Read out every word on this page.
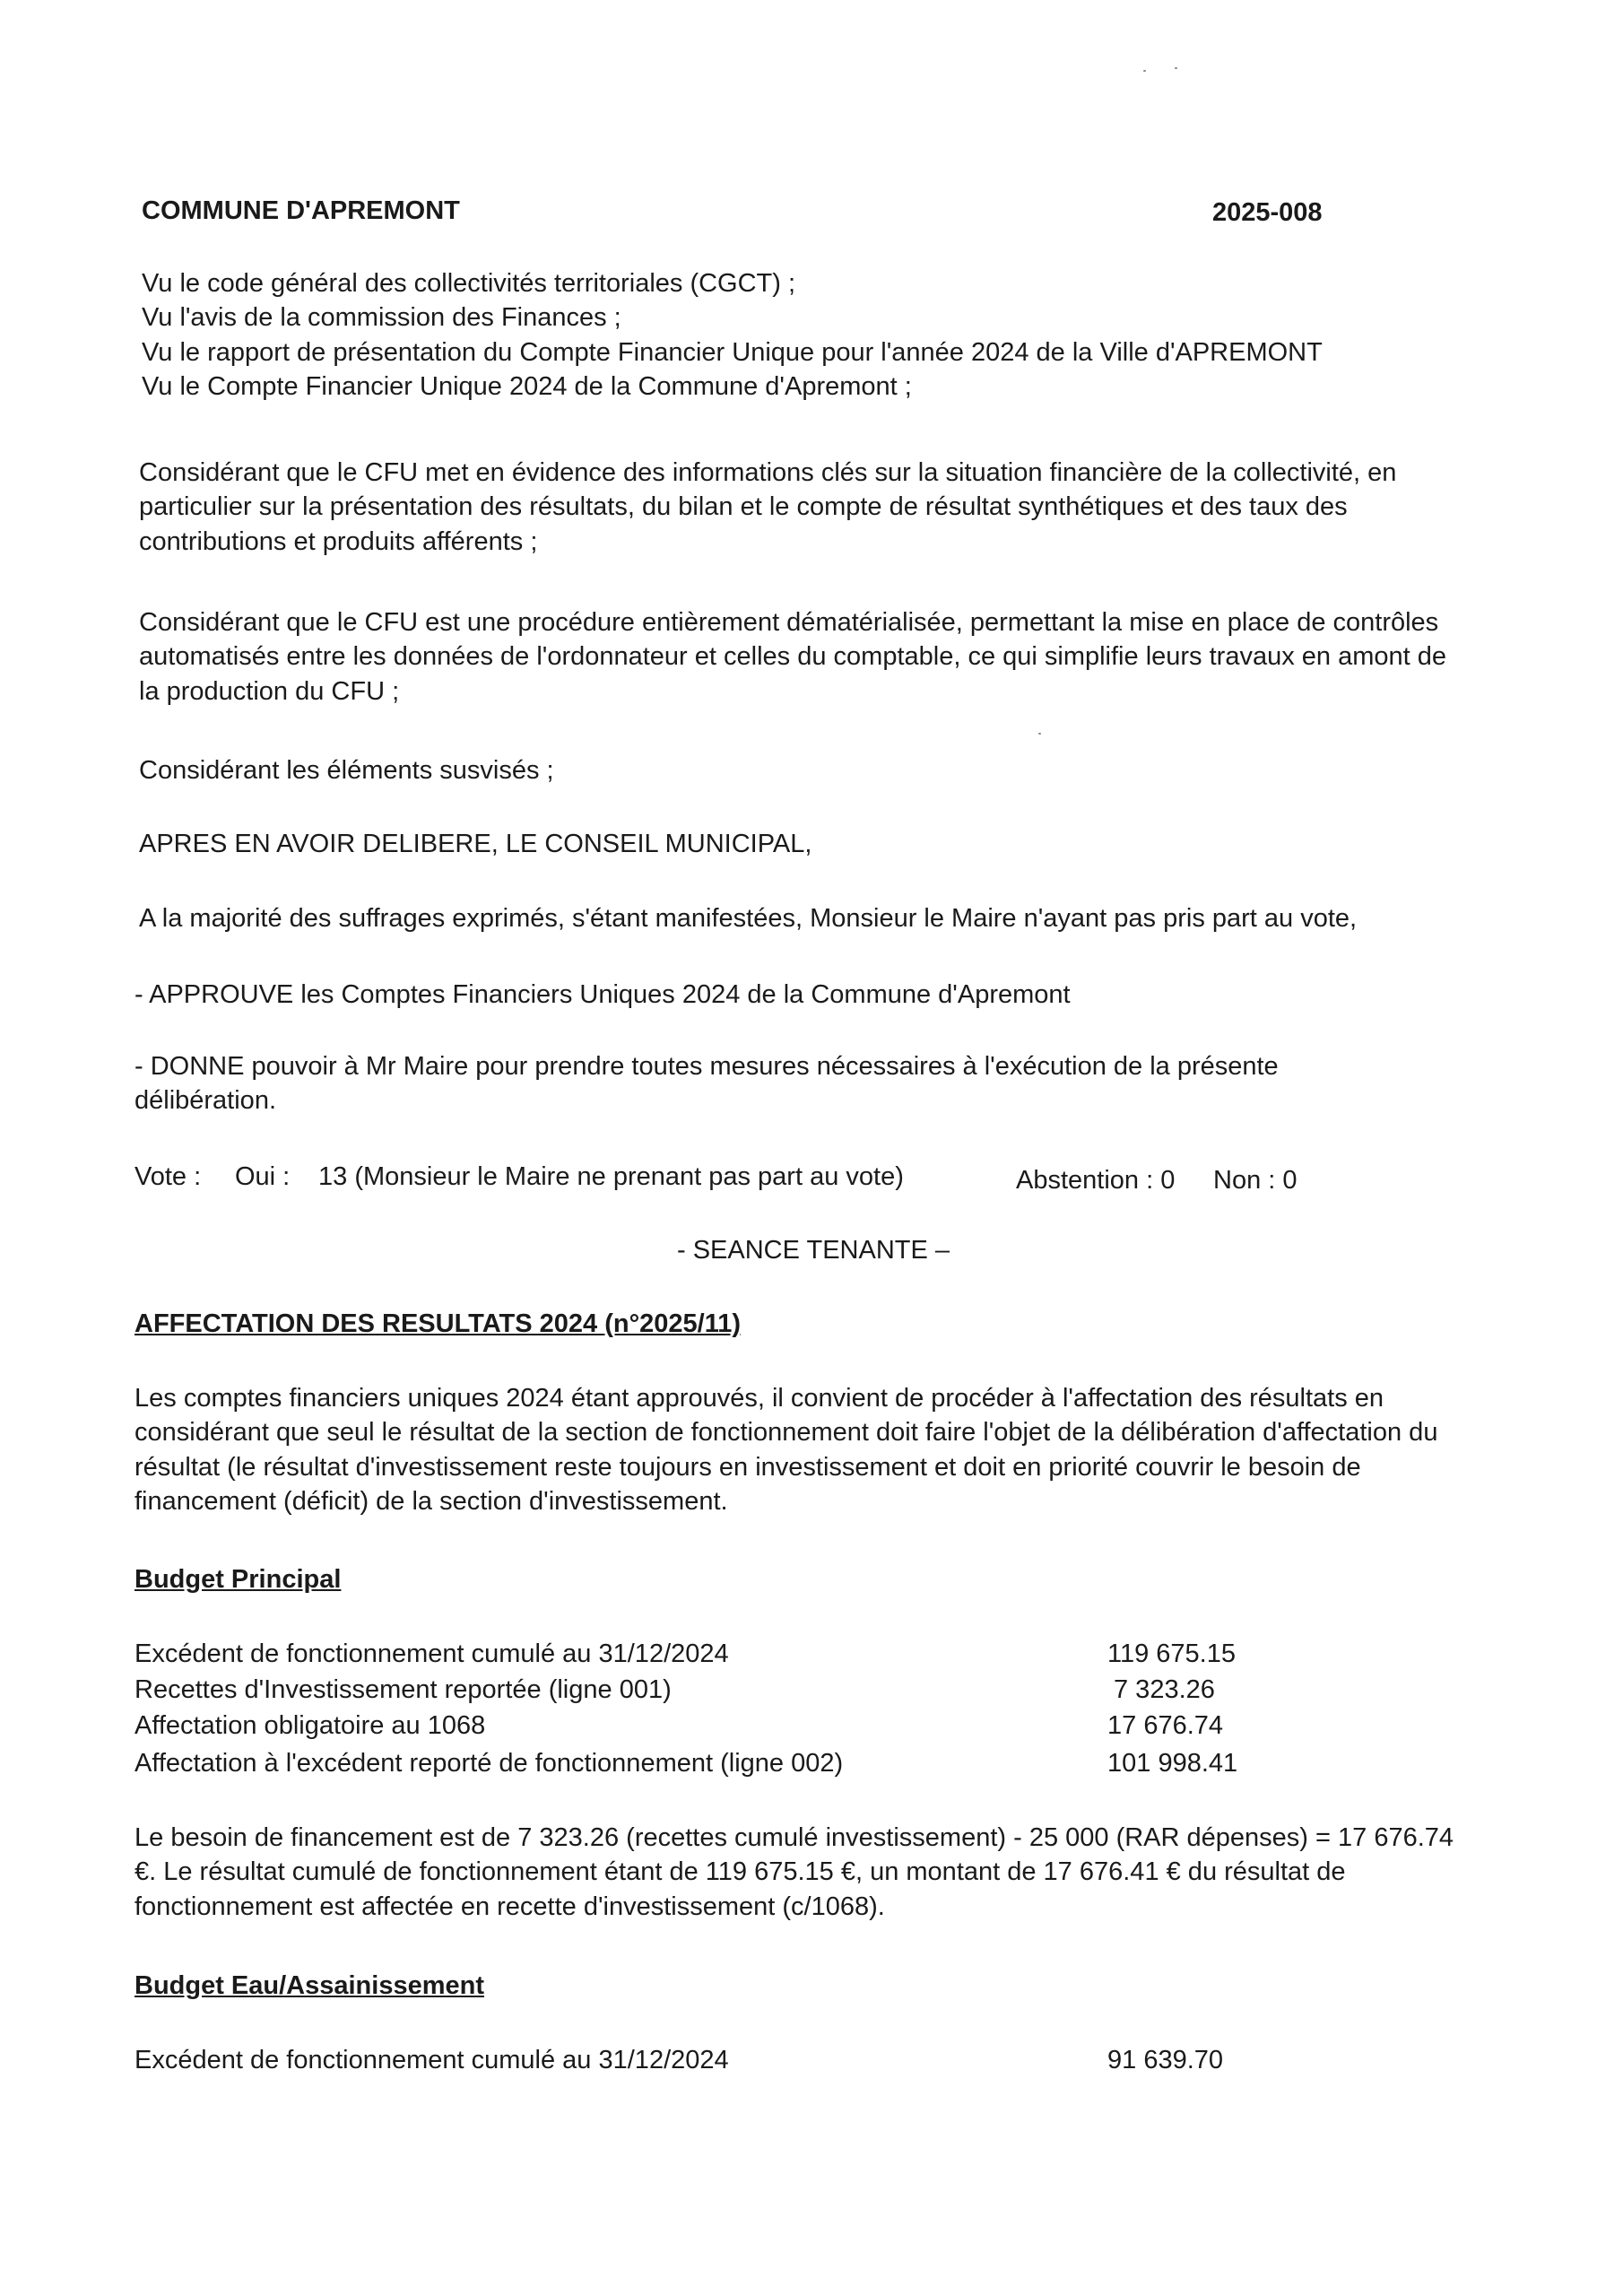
COMMUNE D'APREMONT	2025-008

Vu le code général des collectivités territoriales (CGCT) ;

Vu l'avis de la commission des Finances ;

Vu le rapport de présentation du Compte Financier Unique pour l'année 2024 de la Ville d'APREMONT

Vu le Compte Financier Unique 2024 de la Commune d'Apremont ;

Considérant que le CFU met en évidence des informations clés sur la situation financière de la collectivité, en particulier sur la présentation des résultats, du bilan et le compte de résultat synthétiques et des taux des contributions et produits afférents ;

Considérant que le CFU est une procédure entièrement dématérialisée, permettant la mise en place de contrôles automatisés entre les données de l'ordonnateur et celles du comptable, ce qui simplifie leurs travaux en amont de la production du CFU ;

Considérant les éléments susvisés ;
APRES EN AVOIR DELIBERE, LE CONSEIL MUNICIPAL,
A la majorité des suffrages exprimés, s'étant manifestées, Monsieur le Maire n'ayant pas pris part au vote,
- APPROUVE les Comptes Financiers Uniques 2024 de la Commune d'Apremont

- DONNE pouvoir à Mr Maire pour prendre toutes mesures nécessaires à l'exécution de la présente délibération.

Vote : Oui : 13 (Monsieur le Maire ne prenant pas part au vote)	Abstention : 0 Non : 0
- SEANCE TENANTE –
AFFECTATION DES RESULTATS 2024 (n°2025/11)

Les comptes financiers uniques 2024 étant approuvés, il convient de procéder à l'affectation des résultats en considérant que seul le résultat de la section de fonctionnement doit faire l'objet de la délibération d'affectation du résultat (le résultat d'investissement reste toujours en investissement et doit en priorité couvrir le besoin de financement (déficit) de la section d'investissement.

Budget Principal
Excédent de fonctionnement cumulé au 31/12/2024	119 675.15
Recettes d'Investissement reportée (ligne 001)	7 323.26
Affectation obligatoire au 1068	17 676.74
Affectation à l'excédent reporté de fonctionnement (ligne 002)	101 998.41

Le besoin de financement est de 7 323.26 (recettes cumulé investissement) - 25 000 (RAR dépenses) = 17 676.74 €. Le résultat cumulé de fonctionnement étant de 119 675.15 €, un montant de 17 676.41 € du résultat de fonctionnement est affectée en recette d'investissement (c/1068).

Budget Eau/Assainissement
Excédent de fonctionnement cumulé au 31/12/2024	91 639.70
